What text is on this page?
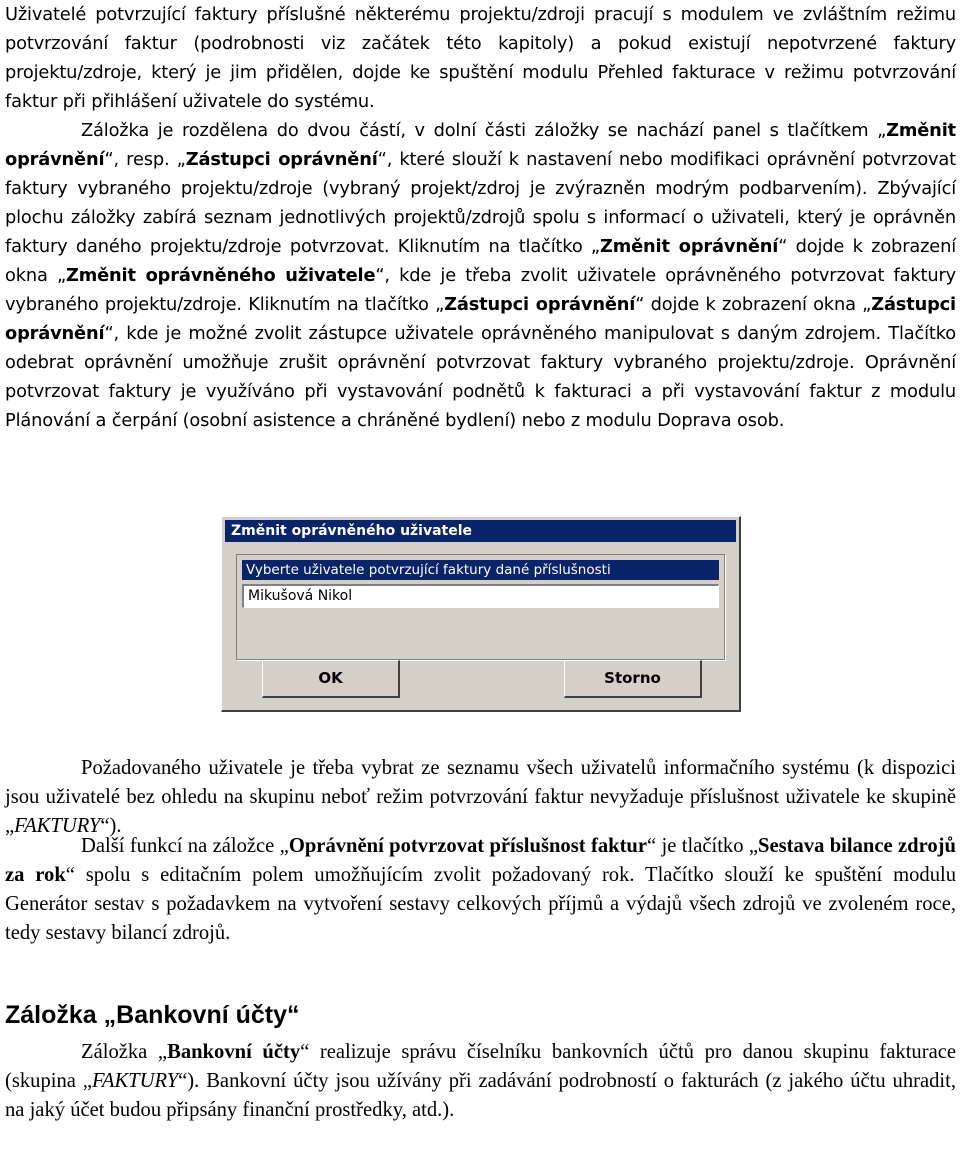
Uživatelé potvrzující faktury příslušné některému projektu/zdroji pracují s modulem ve zvláštním režimu potvrzování faktur (podrobnosti viz začátek této kapitoly) a pokud existují nepotvrzené faktury projektu/zdroje, který je jim přidělen, dojde ke spuštění modulu Přehled fakturace v režimu potvrzování faktur při přihlášení uživatele do systému.

Záložka je rozdělena do dvou částí, v dolní části záložky se nachází panel s tlačítkem „Změnit oprávnění“, resp. „Zástupci oprávnění“, které slouží k nastavení nebo modifikaci oprávnění potvrzovat faktury vybraného projektu/zdroje (vybraný projekt/zdroj je zvýrazněn modrým podbarvením). Zbývající plochu záložky zabírá seznam jednotlivých projektů/zdrojů spolu s informací o uživateli, který je oprávněn faktury daného projektu/zdroje potvrzovat. Kliknutím na tlačítko „Změnit oprávnění“ dojde k zobrazení okna „Změnit oprávněného uživatele“, kde je třeba zvolit uživatele oprávněného potvrzovat faktury vybraného projektu/zdroje. Kliknutím na tlačítko „Zástupci oprávnění“ dojde k zobrazení okna „Zástupci oprávnění“, kde je možné zvolit zástupce uživatele oprávněného manipulovat s daným zdrojem. Tlačítko odebrat oprávnění umožňuje zrušit oprávnění potvrzovat faktury vybraného projektu/zdroje. Oprávnění potvrzovat faktury je využíváno při vystavování podnětů k fakturaci a při vystavování faktur z modulu Plánování a čerpání (osobní asistence a chráněné bydlení) nebo z modulu Doprava osob.

Požadovaného uživatele je třeba vybrat ze seznamu všech uživatelů informačního systému (k dispozici jsou uživatelé bez ohledu na skupinu neboť režim potvrzování faktur nevyžaduje příslušnost uživatele ke skupině „FAKTURY“).

Další funkcí na záložce „Oprávnění potvrzovat příslušnost faktur“ je tlačítko „Sestava bilance zdrojů za rok“ spolu s editačním polem umožňujícím zvolit požadovaný rok. Tlačítko slouží ke spuštění modulu Generátor sestav s požadavkem na vytvoření sestavy celkových příjmů a výdajů všech zdrojů ve zvoleném roce, tedy sestavy bilancí zdrojů.

Záložka „Bankovní účty“

Záložka „Bankovní účty“ realizuje správu číselníku bankovních účtů pro danou skupinu fakturace (skupina „FAKTURY“). Bankovní účty jsou užívány při zadávání podrobností o fakturách (z jakého účtu uhradit, na jaký účet budou připsány finanční prostředky, atd.).

Změnit oprávněného uživatele
Vyberte uživatele potvrzující faktury dané příslušnosti
Mikušová Nikol
OK	Storno
